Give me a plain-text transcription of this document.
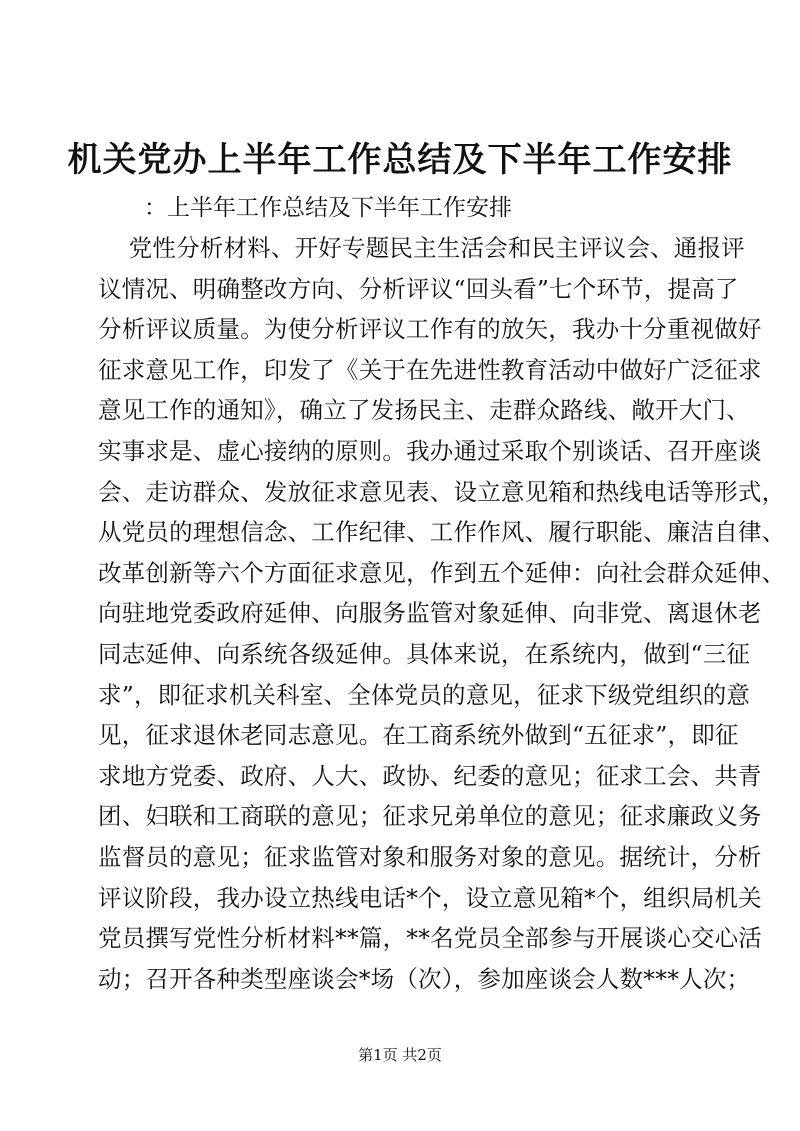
机关党办上半年工作总结及下半年工作安排
：上半年工作总结及下半年工作安排
党性分析材料、开好专题民主生活会和民主评议会、通报评
议情况、明确整改方向、分析评议“回头看”七个环节，提高了
分析评议质量。为使分析评议工作有的放矢，我办十分重视做好
征求意见工作，印发了《关于在先进性教育活动中做好广泛征求
意见工作的通知》，确立了发扬民主、走群众路线、敞开大门、
实事求是、虚心接纳的原则。我办通过采取个别谈话、召开座谈
会、走访群众、发放征求意见表、设立意见箱和热线电话等形式，
从党员的理想信念、工作纪律、工作作风、履行职能、廉洁自律、
改革创新等六个方面征求意见，作到五个延伸：向社会群众延伸、
向驻地党委政府延伸、向服务监管对象延伸、向非党、离退休老
同志延伸、向系统各级延伸。具体来说，在系统内，做到“三征
求”，即征求机关科室、全体党员的意见，征求下级党组织的意
见，征求退休老同志意见。在工商系统外做到“五征求”，即征
求地方党委、政府、人大、政协、纪委的意见；征求工会、共青
团、妇联和工商联的意见；征求兄弟单位的意见；征求廉政义务
监督员的意见；征求监管对象和服务对象的意见。据统计，分析
评议阶段，我办设立热线电话*个，设立意见箱*个，组织局机关
党员撰写党性分析材料**篇，**名党员全部参与开展谈心交心活
动；召开各种类型座谈会*场（次），参加座谈会人数***人次；
第1页 共2页
